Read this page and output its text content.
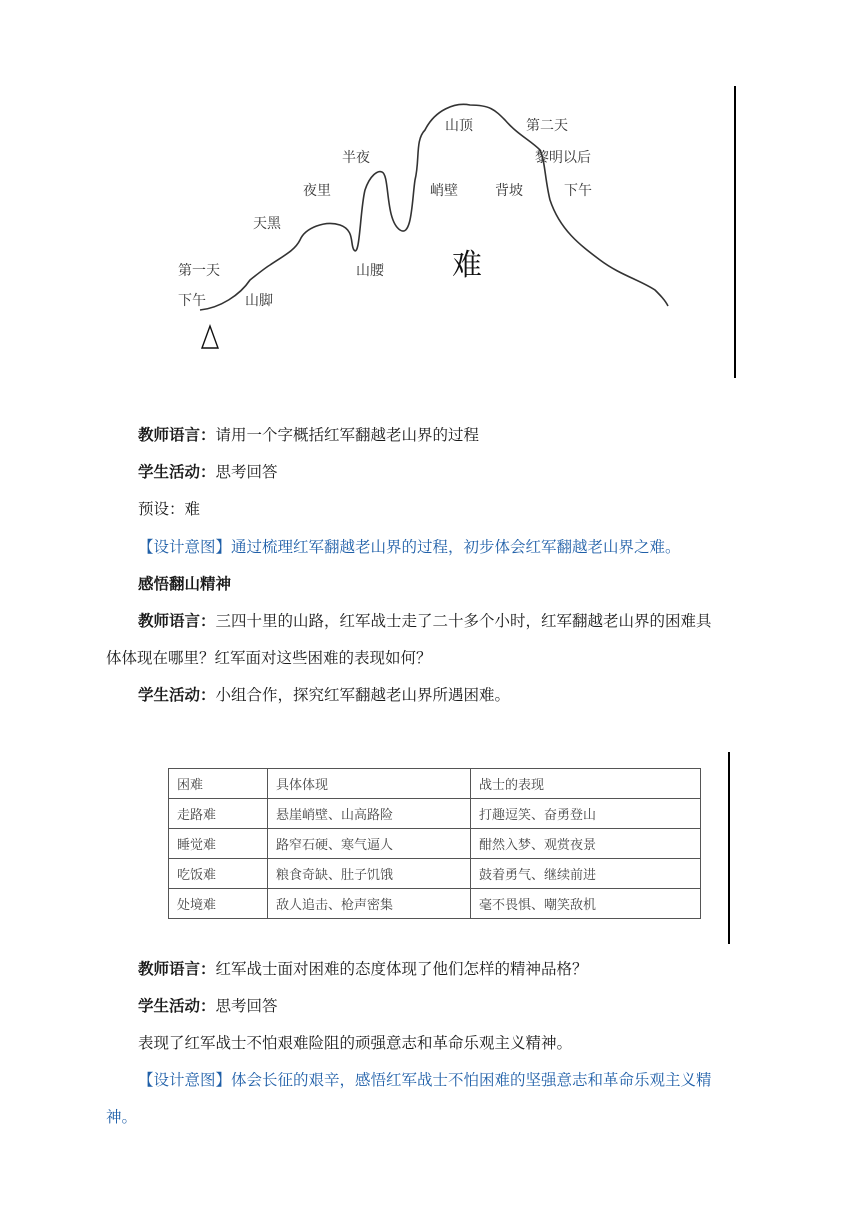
第一天
下午	山脚
天黑
夜里
半夜
山腰
峭壁
山顶	第二天
黎明以后
背坡	下午
难
教师语言：请用一个字概括红军翻越老山界的过程
学生活动：思考回答
预设：难
【设计意图】通过梳理红军翻越老山界的过程，初步体会红军翻越老山界之难。
感悟翻山精神
教师语言：三四十里的山路，红军战士走了二十多个小时，红军翻越老山界的困难具
体体现在哪里？红军面对这些困难的表现如何？
学生活动：小组合作，探究红军翻越老山界所遇困难。
困难	具体体现	战士的表现
走路难	悬崖峭壁、山高路险	打趣逗笑、奋勇登山
睡觉难	路窄石硬、寒气逼人	酣然入梦、观赏夜景
吃饭难	粮食奇缺、肚子饥饿	鼓着勇气、继续前进
处境难	敌人追击、枪声密集	毫不畏惧、嘲笑敌机
教师语言：红军战士面对困难的态度体现了他们怎样的精神品格？
学生活动：思考回答
表现了红军战士不怕艰难险阻的顽强意志和革命乐观主义精神。
【设计意图】体会长征的艰辛，感悟红军战士不怕困难的坚强意志和革命乐观主义精
神。
